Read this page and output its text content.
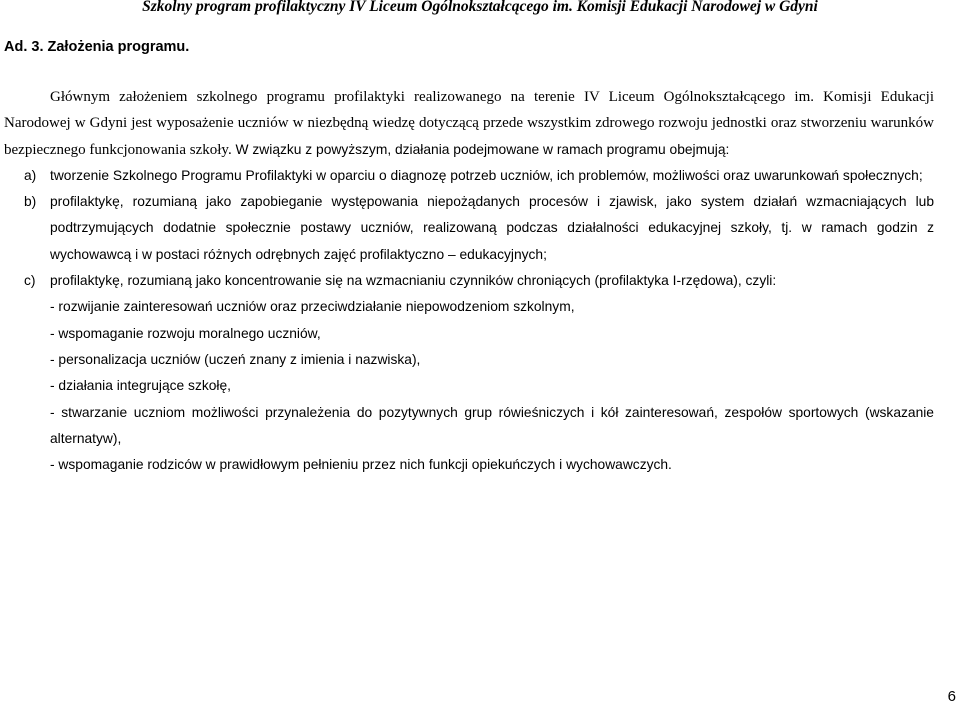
Szkolny program profilaktyczny IV Liceum Ogólnokształcącego im. Komisji Edukacji Narodowej w Gdyni
Ad. 3. Założenia programu.

Głównym założeniem szkolnego programu profilaktyki realizowanego na terenie IV Liceum Ogólnokształcącego im. Komisji Edukacji Narodowej w Gdyni jest wyposażenie uczniów w niezbędną wiedzę dotyczącą przede wszystkim zdrowego rozwoju jednostki oraz stworzeniu warunków bezpiecznego funkcjonowania szkoły. W związku z powyższym, działania podejmowane w ramach programu obejmują:

a) tworzenie Szkolnego Programu Profilaktyki w oparciu o diagnozę potrzeb uczniów, ich problemów, możliwości oraz uwarunkowań społecznych;
b) profilaktykę, rozumianą jako zapobieganie występowania niepożądanych procesów i zjawisk, jako system działań wzmacniających lub podtrzymujących dodatnie społecznie postawy uczniów, realizowaną podczas działalności edukacyjnej szkoły, tj. w ramach godzin z wychowawcą i w postaci różnych odrębnych zajęć profilaktyczno – edukacyjnych;
c) profilaktykę, rozumianą jako koncentrowanie się na wzmacnianiu czynników chroniących (profilaktyka I-rzędowa), czyli:
- rozwijanie zainteresowań uczniów oraz przeciwdziałanie niepowodzeniom szkolnym,
- wspomaganie rozwoju moralnego uczniów,
- personalizacja uczniów (uczeń znany z imienia i nazwiska),
- działania integrujące szkołę,
- stwarzanie uczniom możliwości przynależenia do pozytywnych grup rówieśniczych i kół zainteresowań, zespołów sportowych (wskazanie alternatyw),
- wspomaganie rodziców w prawidłowym pełnieniu przez nich funkcji opiekuńczych i wychowawczych.
6
